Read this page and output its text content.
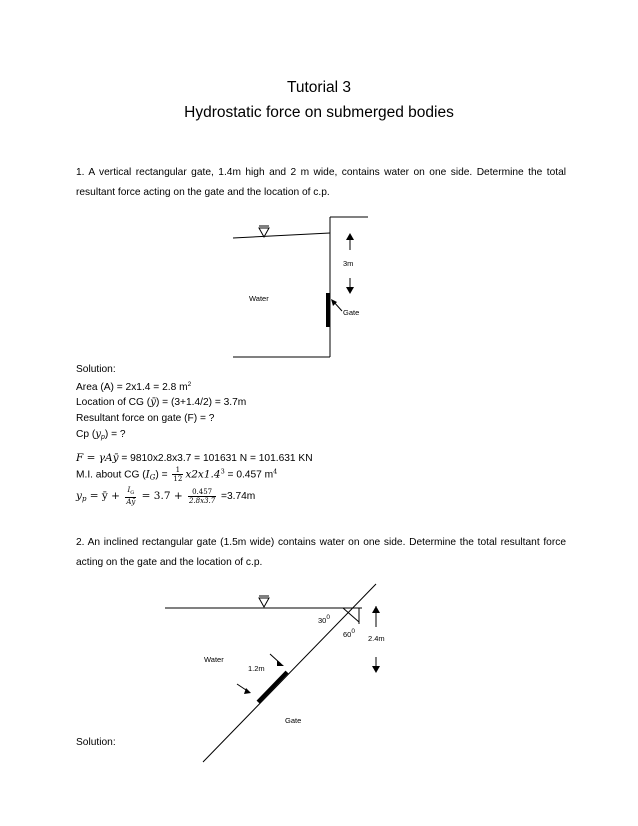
Tutorial 3

Hydrostatic force on submerged bodies

1. A vertical rectangular gate, 1.4m high and 2 m wide, contains water on one side. Determine the total resultant force acting on the gate and the location of c.p.

3m
Water
Gate

Solution:

Area (A) = 2x1.4 = 2.8 $m^2$

Location of CG (ȳ) = (3+1.4/2) = 3.7m

Resultant force on gate (F) = ?

Cp $(y_p)$ = ?

F = γAȳ = 9810x2.8x3.7 = 101631 N = 101.631 KN

M.I. about CG $(I_G) = \frac{1}{12} x2x1.4^3 = 0.457$ $m^4$

$y_p$ = ȳ + $\frac{I_G}{Aȳ} = 3.7 + \frac{0.457}{2.8x3.7} =3.74m$

2. An inclined rectangular gate (1.5m wide) contains water on one side. Determine the total resultant force acting on the gate and the location of c.p.

$30^0$
$60^0$
2.4m
Water
1.2m
Gate

Solution:
